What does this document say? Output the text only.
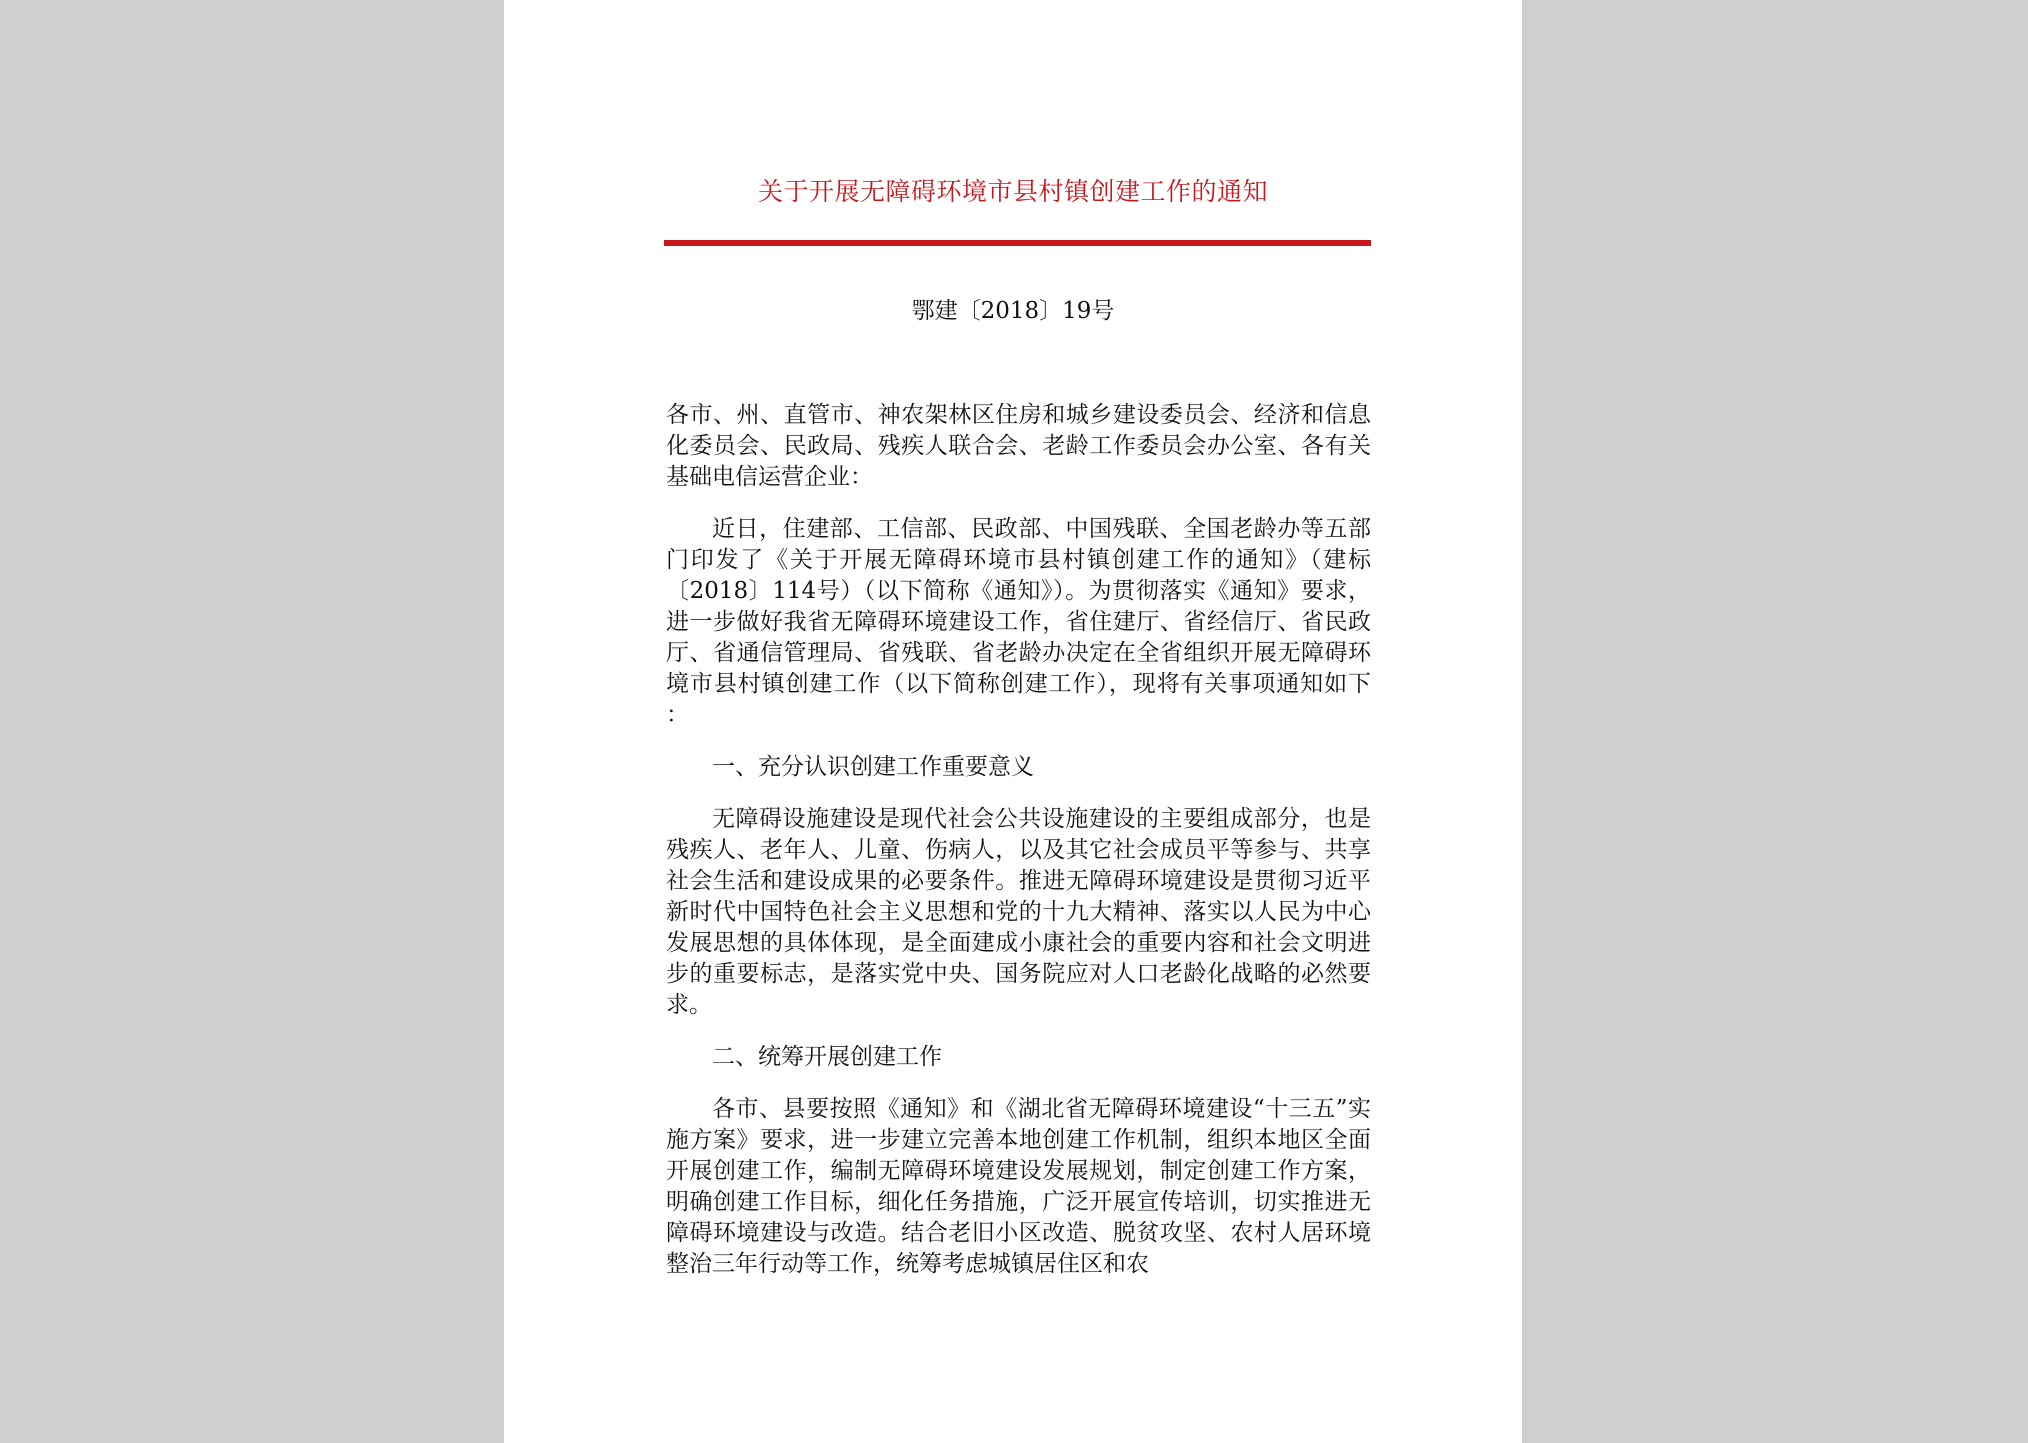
关于开展无障碍环境市县村镇创建工作的通知
鄂建〔2018〕19号

各市、州、直管市、神农架林区住房和城乡建设委员会、经济和信息化委员会、民政局、残疾人联合会、老龄工作委员会办公室、各有关基础电信运营企业：

近日，住建部、工信部、民政部、中国残联、全国老龄办等五部门印发了《关于开展无障碍环境市县村镇创建工作的通知》（建标〔2018〕114号）（以下简称《通知》）。为贯彻落实《通知》要求，进一步做好我省无障碍环境建设工作，省住建厅、省经信厅、省民政厅、省通信管理局、省残联、省老龄办决定在全省组织开展无障碍环境市县村镇创建工作（以下简称创建工作），现将有关事项通知如下 ：

一、充分认识创建工作重要意义

无障碍设施建设是现代社会公共设施建设的主要组成部分，也是残疾人、老年人、儿童、伤病人，以及其它社会成员平等参与、共享社会生活和建设成果的必要条件。推进无障碍环境建设是贯彻习近平新时代中国特色社会主义思想和党的十九大精神、落实以人民为中心发展思想的具体体现，是全面建成小康社会的重要内容和社会文明进步的重要标志，是落实党中央、国务院应对人口老龄化战略的必然要求。

二、统筹开展创建工作

各市、县要按照《通知》和《湖北省无障碍环境建设“十三五”实施方案》要求，进一步建立完善本地创建工作机制，组织本地区全面开展创建工作，编制无障碍环境建设发展规划，制定创建工作方案，明确创建工作目标，细化任务措施，广泛开展宣传培训，切实推进无障碍环境建设与改造。结合老旧小区改造、脱贫攻坚、农村人居环境整治三年行动等工作，统筹考虑城镇居住区和农
